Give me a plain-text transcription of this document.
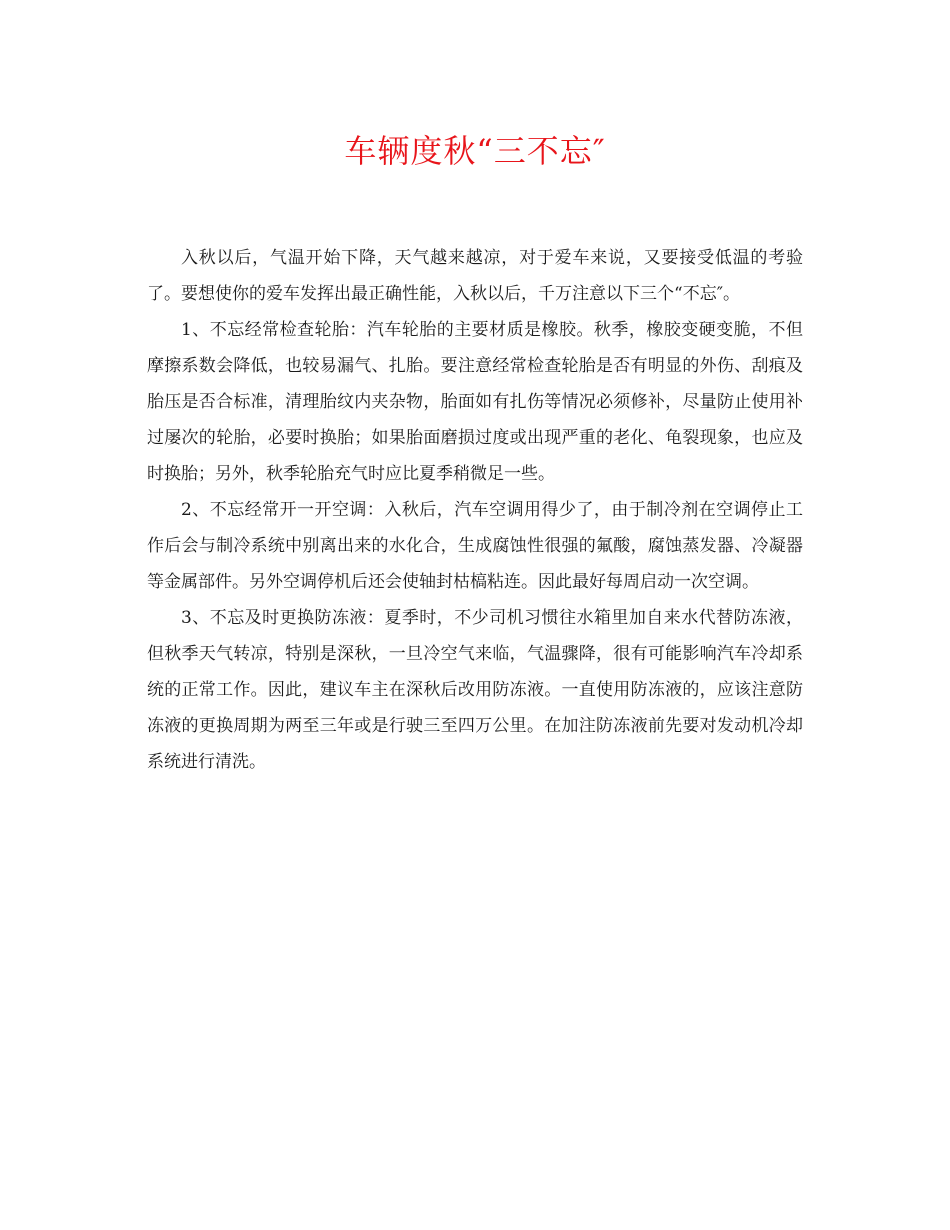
车辆度秋“三不忘″

入秋以后，气温开始下降，天气越来越凉，对于爱车来说，又要接受低温的考验了。要想使你的爱车发挥出最正确性能，入秋以后，千万注意以下三个“不忘″。

1、不忘经常检查轮胎：汽车轮胎的主要材质是橡胶。秋季，橡胶变硬变脆，不但摩擦系数会降低，也较易漏气、扎胎。要注意经常检查轮胎是否有明显的外伤、刮痕及胎压是否合标准，清理胎纹内夹杂物，胎面如有扎伤等情况必须修补，尽量防止使用补过屡次的轮胎，必要时换胎；如果胎面磨损过度或出现严重的老化、龟裂现象，也应及时换胎；另外，秋季轮胎充气时应比夏季稍微足一些。

2、不忘经常开一开空调：入秋后，汽车空调用得少了，由于制冷剂在空调停止工作后会与制冷系统中别离出来的水化合，生成腐蚀性很强的氟酸，腐蚀蒸发器、冷凝器等金属部件。另外空调停机后还会使轴封枯槁粘连。因此最好每周启动一次空调。

3、不忘及时更换防冻液：夏季时，不少司机习惯往水箱里加自来水代替防冻液，但秋季天气转凉，特别是深秋，一旦冷空气来临，气温骤降，很有可能影响汽车冷却系统的正常工作。因此，建议车主在深秋后改用防冻液。一直使用防冻液的，应该注意防冻液的更换周期为两至三年或是行驶三至四万公里。在加注防冻液前先要对发动机冷却系统进行清洗。
